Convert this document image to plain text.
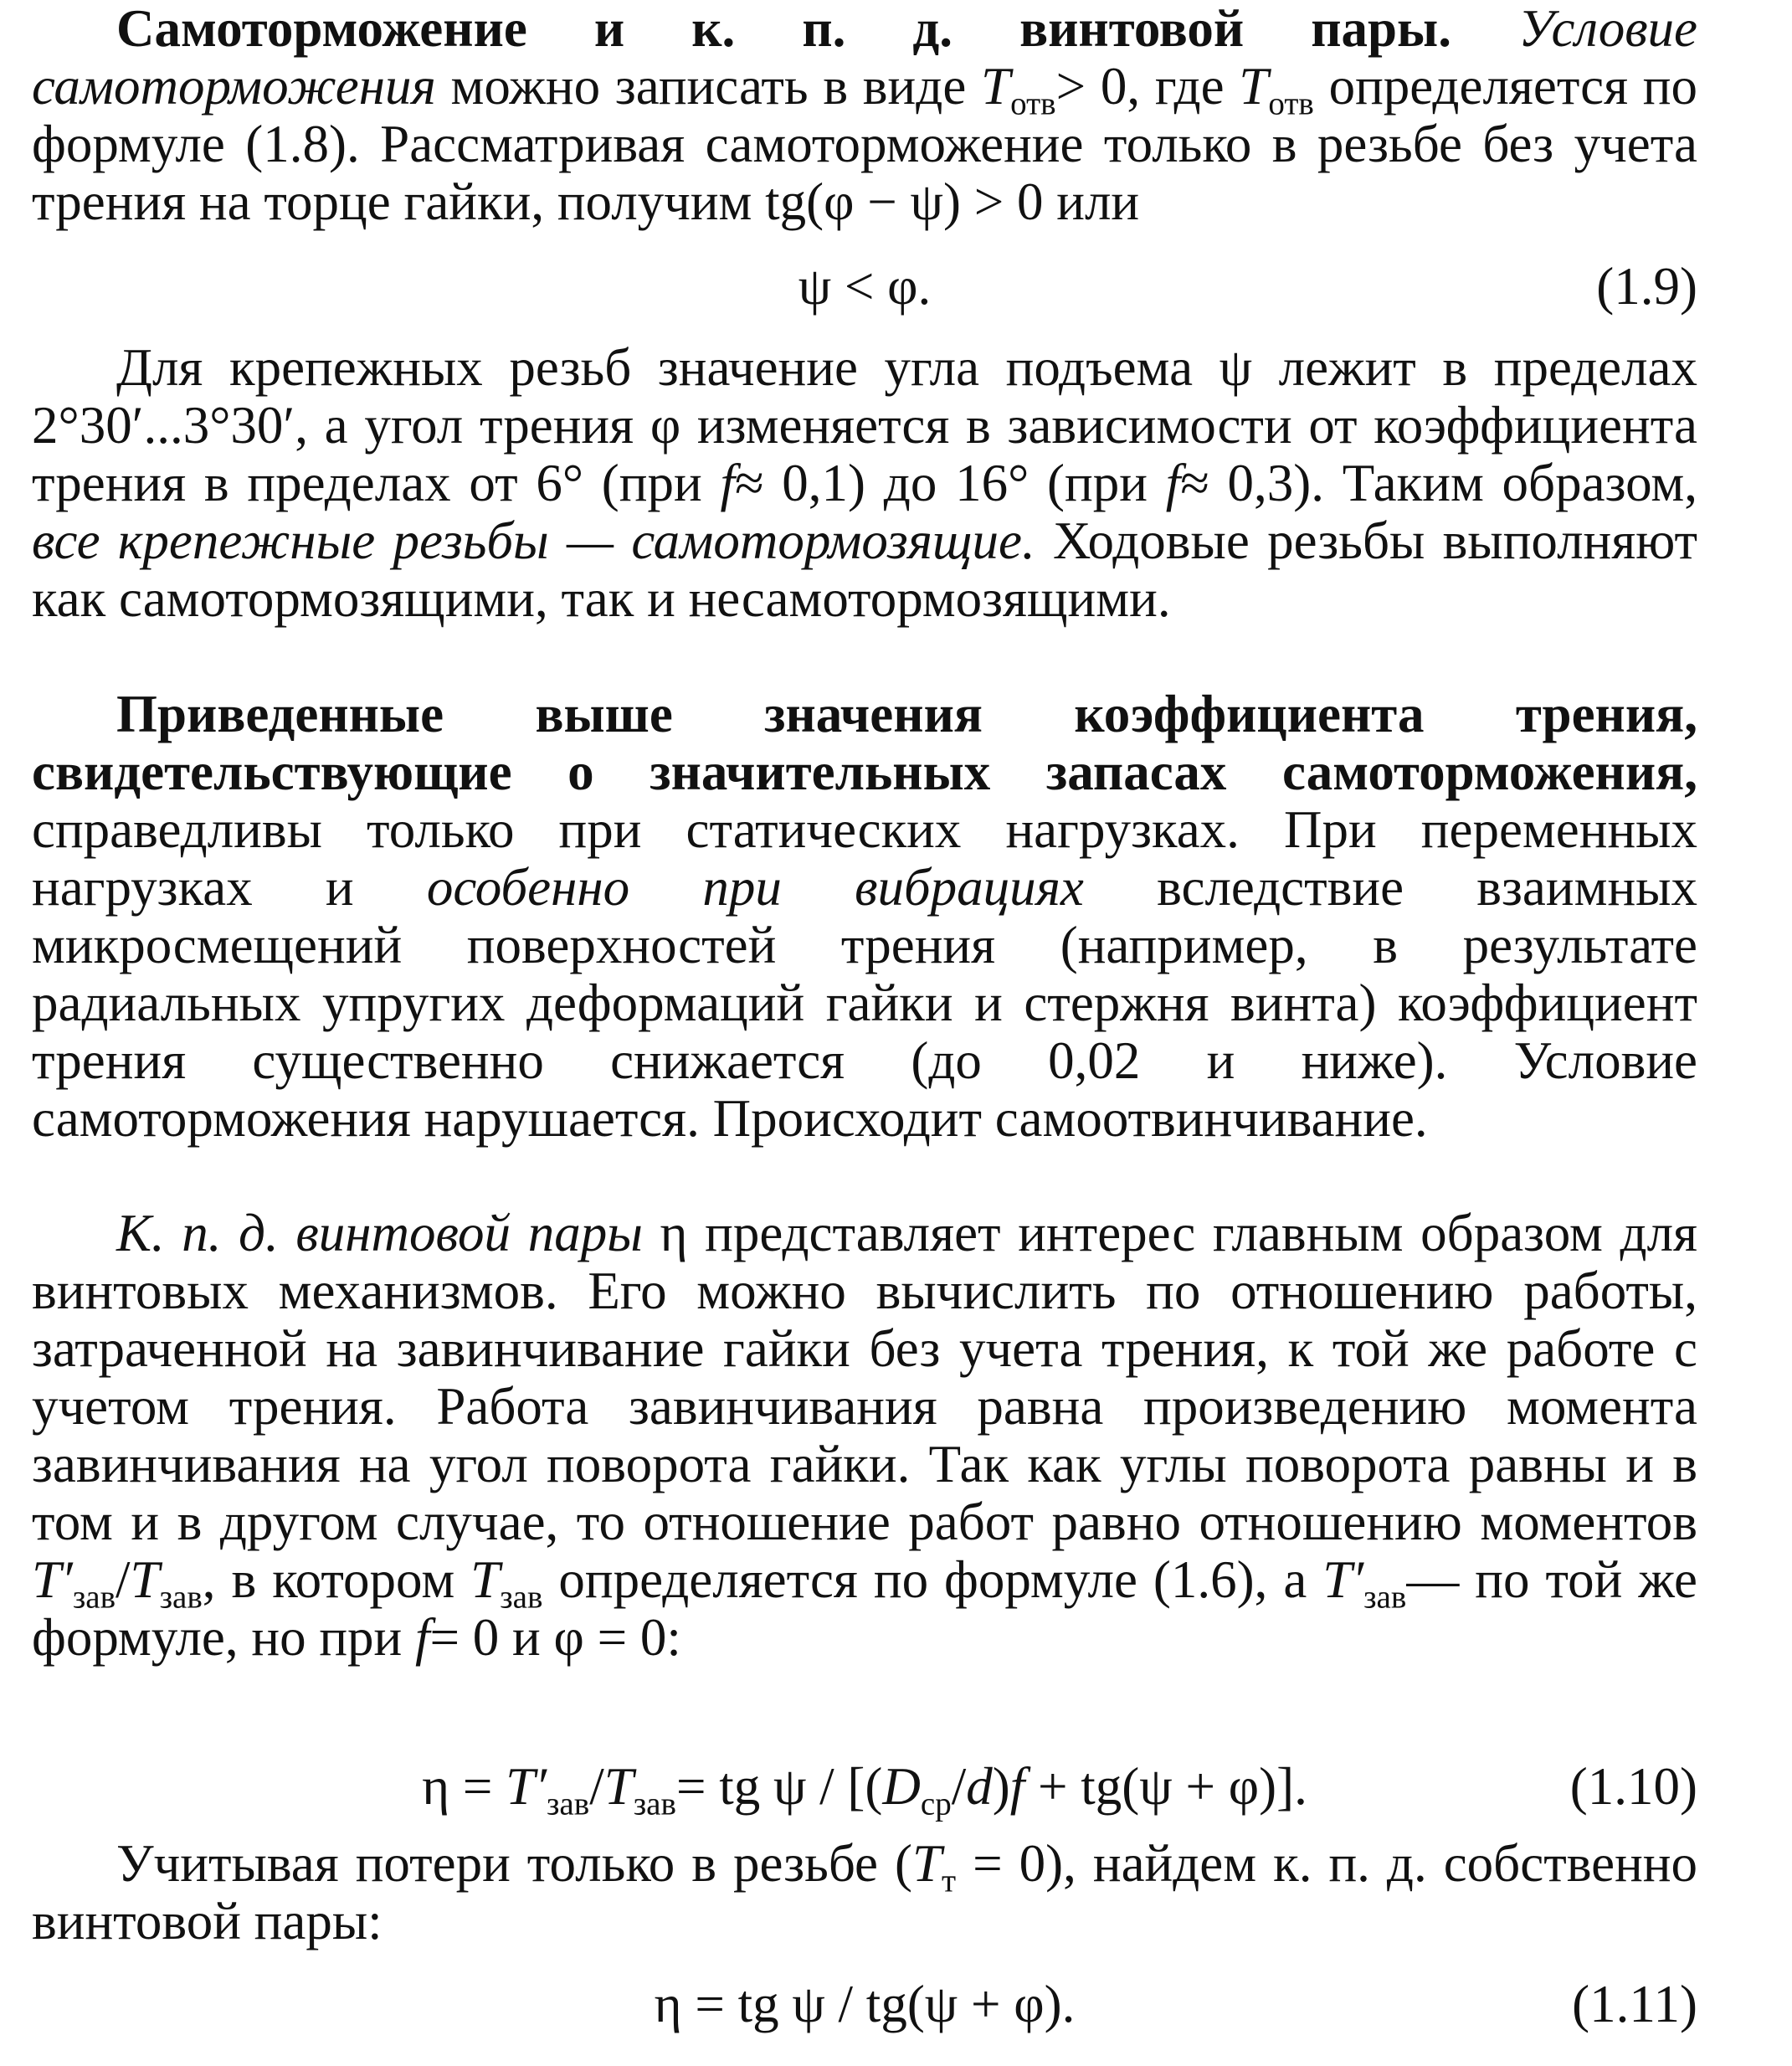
Самоторможение и к. п. д. винтовой пары. Условие самоторможения можно записать в виде $T_{отв}> 0$, где $T_{отв}$ определяется по формуле (1.8). Рассматривая самоторможение только в резьбе без учета трения на торце гайки, получим tg(φ − ψ) > 0 или

ψ < φ.	(1.9)

Для крепежных резьб значение угла подъема ψ лежит в пределах 2°30′...3°30′, а угол трения φ изменяется в зависимости от коэффициента трения в пределах от 6° (при f≈ 0,1) до 16° (при f≈ 0,3). Таким образом, все крепежные резьбы — самотормозящие. Ходовые резьбы выполняют как самотормозящими, так и несамотормозящими.

Приведенные выше значения коэффициента трения, свидетельствующие о значительных запасах самоторможения, справедливы только при статических нагрузках. При переменных нагрузках и особенно при вибрациях вследствие взаимных микросмещений поверхностей трения (например, в результате радиальных упругих деформаций гайки и стержня винта) коэффициент трения существенно снижается (до 0,02 и ниже). Условие самоторможения нарушается. Происходит самоотвинчивание.

К. п. д. винтовой пары η представляет интерес главным образом для винтовых механизмов. Его можно вычислить по отношению работы, затраченной на завинчивание гайки без учета трения, к той же работе с учетом трения. Работа завинчивания равна произведению момента завинчивания на угол поворота гайки. Так как углы поворота равны и в том и в другом случае, то отношение работ равно отношению моментов $T'_{зав}/T_{зав}$, в котором $T_{зав}$ определяется по формуле (1.6), а $T'_{зав}—$ по той же формуле, но при f= 0 и φ = 0:

$\eta = T'_{зав}/T_{зав}=$ tg $\psi / [(D_{ср}/d)f + tg(\psi + \varphi)]$.	(1.10)

Учитывая потери только в резьбе $(T_т = 0)$, найдем к. п. д. собственно винтовой пары:

η = tg ψ / tg(ψ + φ).	(1.11)
